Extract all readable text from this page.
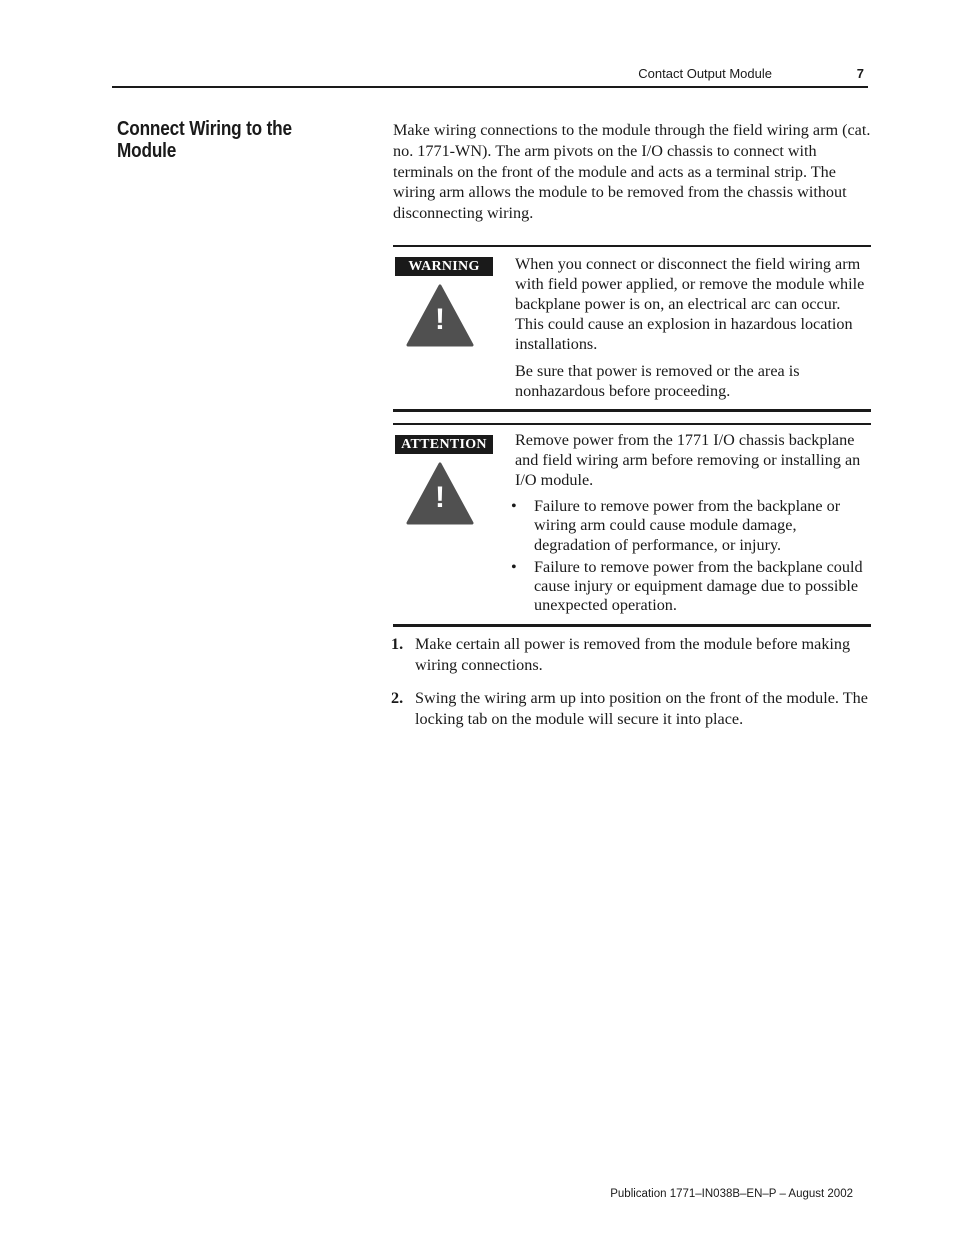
Contact Output Module	7
Connect Wiring to the Module
Make wiring connections to the module through the field wiring arm (cat. no. 1771-WN). The arm pivots on the I/O chassis to connect with terminals on the front of the module and acts as a terminal strip. The wiring arm allows the module to be removed from the chassis without disconnecting wiring.
WARNING
!

When you connect or disconnect the field wiring arm with field power applied, or remove the module while backplane power is on, an electrical arc can occur. This could cause an explosion in hazardous location installations.

Be sure that power is removed or the area is nonhazardous before proceeding.

ATTENTION
!
Remove power from the 1771 I/O chassis backplane and field wiring arm before removing or installing an I/O module.
• Failure to remove power from the backplane or wiring arm could cause module damage, degradation of performance, or injury.
• Failure to remove power from the backplane could cause injury or equipment damage due to possible unexpected operation.
1. Make certain all power is removed from the module before making wiring connections.
2. Swing the wiring arm up into position on the front of the module. The locking tab on the module will secure it into place.
Publication 1771–IN038B–EN–P – August 2002
